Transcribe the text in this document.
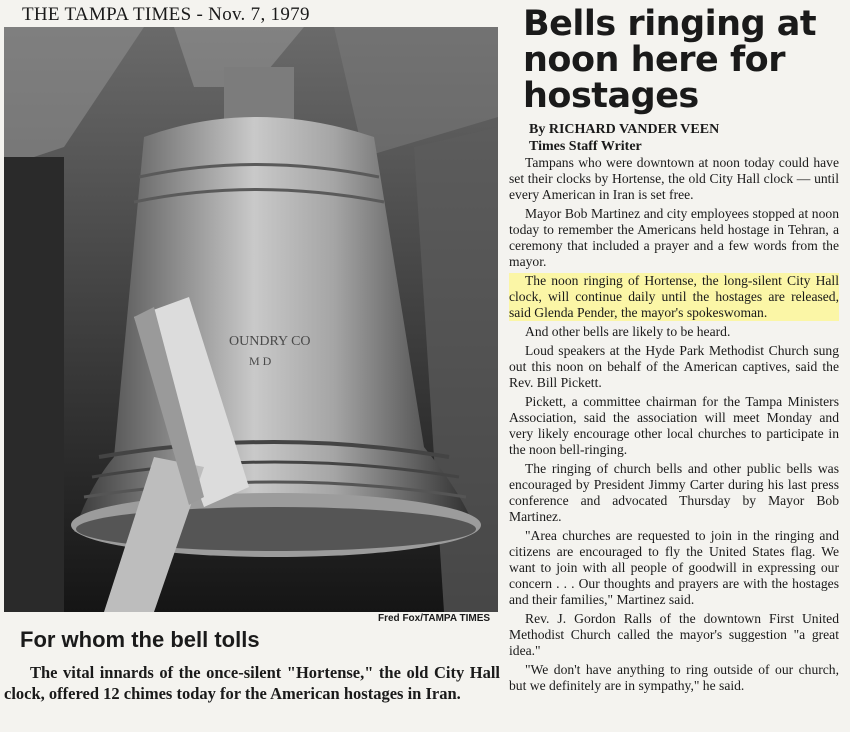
THE TAMPA TIMES - Nov. 7, 1979
OUNDRY CO
M D
Fred Fox/TAMPA TIMES
For whom the bell tolls
The vital innards of the once-silent "Hortense," the old City Hall clock, offered 12 chimes today for the American hostages in Iran.
Bells ringing at noon here for hostages
By RICHARD VANDER VEEN
Times Staff Writer

Tampans who were downtown at noon today could have set their clocks by Hortense, the old City Hall clock — until every American in Iran is set free.

Mayor Bob Martinez and city employees stopped at noon today to remember the Americans held hostage in Tehran, a ceremony that included a prayer and a few words from the mayor.

The noon ringing of Hortense, the long-silent City Hall clock, will continue daily until the hostages are released, said Glenda Pender, the mayor's spokeswoman.

And other bells are likely to be heard.

Loud speakers at the Hyde Park Methodist Church sung out this noon on behalf of the American captives, said the Rev. Bill Pickett.

Pickett, a committee chairman for the Tampa Ministers Association, said the association will meet Monday and very likely encourage other local churches to participate in the noon bell-ringing.

The ringing of church bells and other public bells was encouraged by President Jimmy Carter during his last press conference and advocated Thursday by Mayor Bob Martinez.

"Area churches are requested to join in the ringing and citizens are encouraged to fly the United States flag. We want to join with all people of goodwill in expressing our concern . . . Our thoughts and prayers are with the hostages and their families," Martinez said.

Rev. J. Gordon Ralls of the downtown First United Methodist Church called the mayor's suggestion "a great idea."

"We don't have anything to ring outside of our church, but we definitely are in sympathy," he said.
